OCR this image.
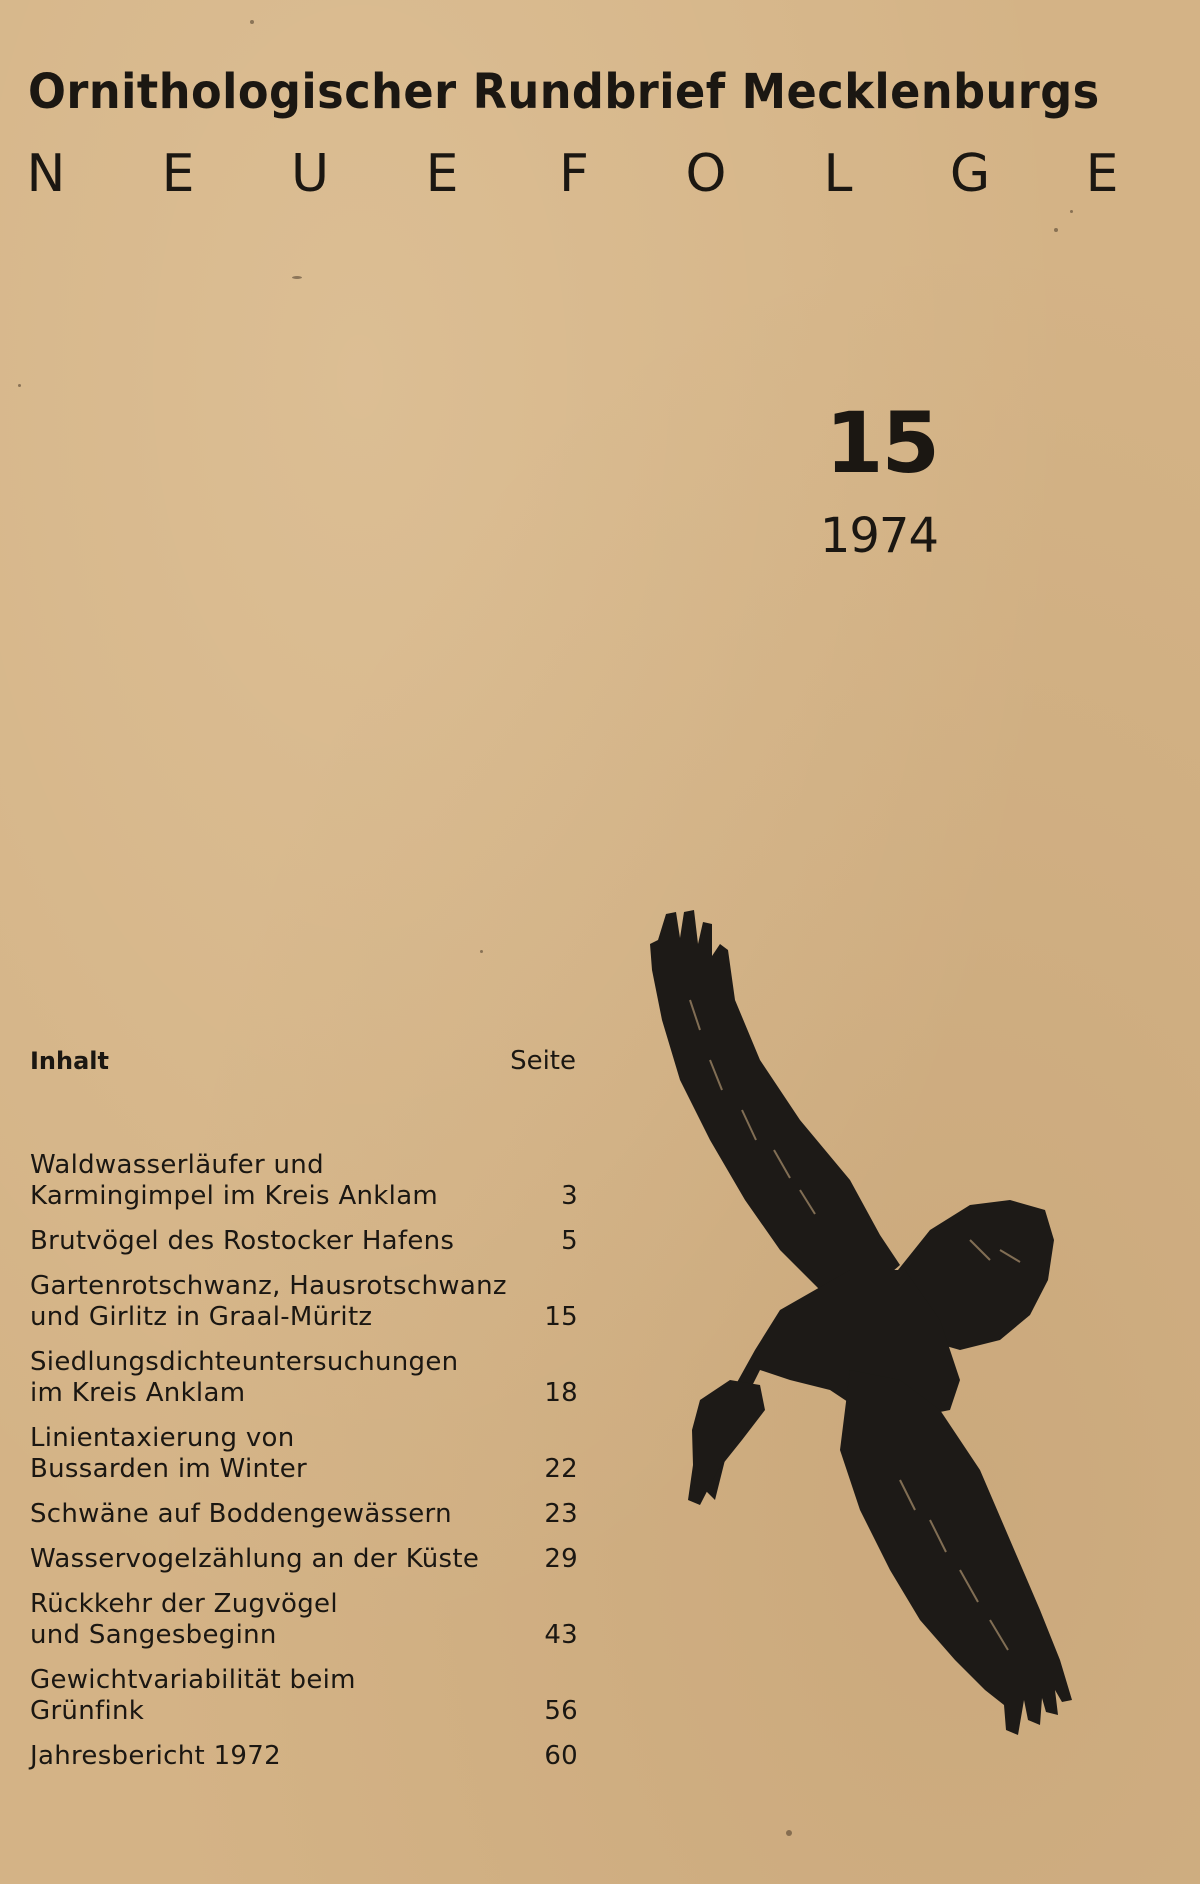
Ornithologischer Rundbrief Mecklenburgs
N E U E F O L G E
15
1974
Inhalt	Seite
Waldwasserläufer und
Karmingimpel im Kreis Anklam	3
Brutvögel des Rostocker Hafens	5
Gartenrotschwanz, Hausrotschwanz
und Girlitz in Graal-Müritz	15
Siedlungsdichteuntersuchungen
im Kreis Anklam	18
Linientaxierung von
Bussarden im Winter	22
Schwäne auf Boddengewässern	23
Wasservogelzählung an der Küste	29
Rückkehr der Zugvögel
und Sangesbeginn	43
Gewichtvariabilität beim
Grünfink	56
Jahresbericht 1972	60
